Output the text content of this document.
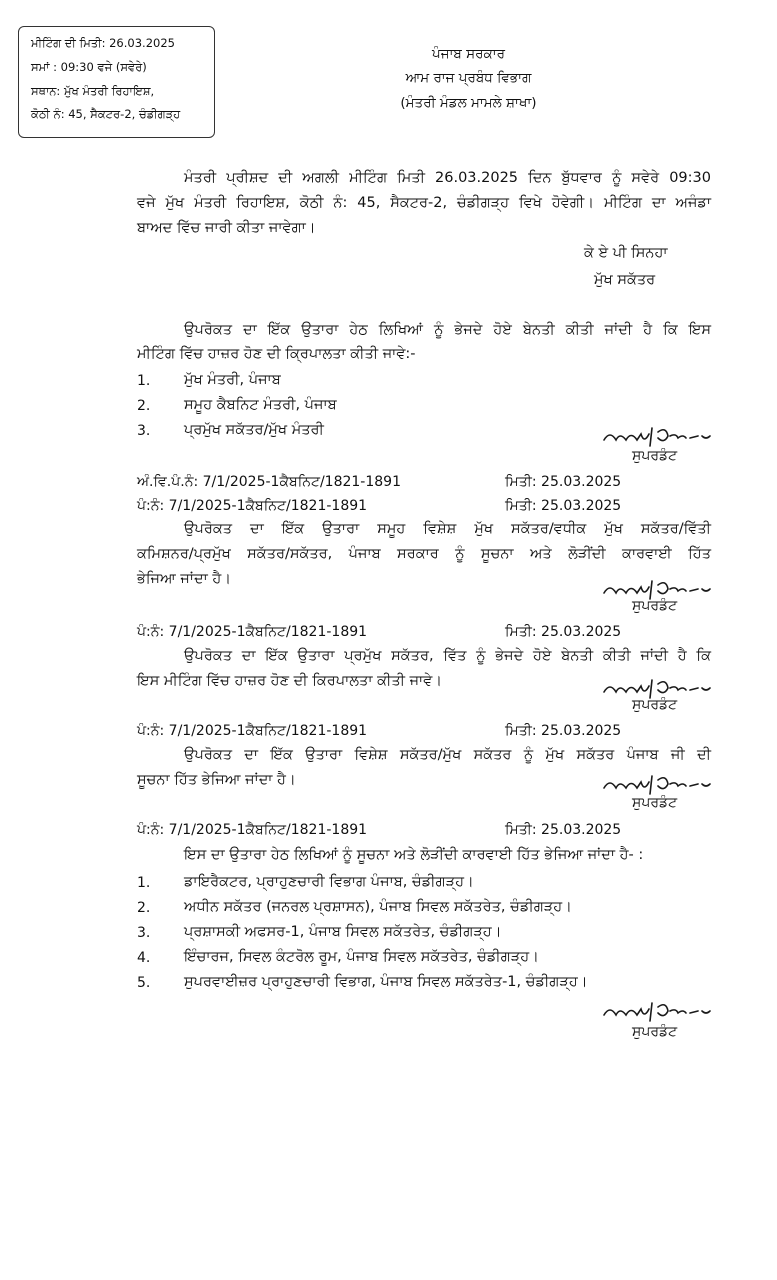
ਮੀਟਿੰਗ ਦੀ ਮਿਤੀ: 26.03.2025
ਸਮਾਂ : 09:30 ਵਜੇ (ਸਵੇਰੇ)
ਸਥਾਨ: ਮੁੱਖ ਮੰਤਰੀ ਰਿਹਾਇਸ਼,
ਕੋਠੀ ਨੰ: 45, ਸੈਕਟਰ-2, ਚੰਡੀਗੜ੍ਹ
ਪੰਜਾਬ ਸਰਕਾਰ
ਆਮ ਰਾਜ ਪ੍ਰਬੰਧ ਵਿਭਾਗ
(ਮੰਤਰੀ ਮੰਡਲ ਮਾਮਲੇ ਸ਼ਾਖਾ)
ਮੰਤਰੀ ਪ੍ਰੀਸ਼ਦ ਦੀ ਅਗਲੀ ਮੀਟਿੰਗ ਮਿਤੀ 26.03.2025 ਦਿਨ ਬੁੱਧਵਾਰ ਨੂੰ ਸਵੇਰੇ 09:30
ਵਜੇ ਮੁੱਖ ਮੰਤਰੀ ਰਿਹਾਇਸ਼, ਕੋਠੀ ਨੰ: 45, ਸੈਕਟਰ-2, ਚੰਡੀਗੜ੍ਹ ਵਿਖੇ ਹੋਵੇਗੀ। ਮੀਟਿੰਗ ਦਾ ਅਜੰਡਾ
ਬਾਅਦ ਵਿੱਚ ਜਾਰੀ ਕੀਤਾ ਜਾਵੇਗਾ।
ਕੇ ਏ ਪੀ ਸਿਨਹਾ
ਮੁੱਖ ਸਕੱਤਰ
ਉਪਰੋਕਤ ਦਾ ਇੱਕ ਉਤਾਰਾ ਹੇਠ ਲਿਖਿਆਂ ਨੂੰ ਭੇਜਦੇ ਹੋਏ ਬੇਨਤੀ ਕੀਤੀ ਜਾਂਦੀ ਹੈ ਕਿ ਇਸ
ਮੀਟਿੰਗ ਵਿੱਚ ਹਾਜ਼ਰ ਹੋਣ ਦੀ ਕ੍ਰਿਪਾਲਤਾ ਕੀਤੀ ਜਾਵੇ:-
1. ਮੁੱਖ ਮੰਤਰੀ, ਪੰਜਾਬ
2. ਸਮੂਹ ਕੈਬਨਿਟ ਮੰਤਰੀ, ਪੰਜਾਬ
3. ਪ੍ਰਮੁੱਖ ਸਕੱਤਰ/ਮੁੱਖ ਮੰਤਰੀ
ਸੁਪਰਡੰਟ
ਅੰ.ਵਿ.ਪੰ.ਨੰ: 7/1/2025-1ਕੈਬਨਿਟ/1821-1891	ਮਿਤੀ: 25.03.2025
ਪੰ:ਨੰ: 7/1/2025-1ਕੈਬਨਿਟ/1821-1891	ਮਿਤੀ: 25.03.2025
ਉਪਰੋਕਤ ਦਾ ਇੱਕ ਉਤਾਰਾ ਸਮੂਹ ਵਿਸ਼ੇਸ਼ ਮੁੱਖ ਸਕੱਤਰ/ਵਧੀਕ ਮੁੱਖ ਸਕੱਤਰ/ਵਿੱਤੀ
ਕਮਿਸ਼ਨਰ/ਪ੍ਰਮੁੱਖ ਸਕੱਤਰ/ਸਕੱਤਰ, ਪੰਜਾਬ ਸਰਕਾਰ ਨੂੰ ਸੂਚਨਾ ਅਤੇ ਲੋੜੀਂਦੀ ਕਾਰਵਾਈ ਹਿੱਤ
ਭੇਜਿਆ ਜਾਂਦਾ ਹੈ।
ਸੁਪਰਡੰਟ
ਪੰ:ਨੰ: 7/1/2025-1ਕੈਬਨਿਟ/1821-1891	ਮਿਤੀ: 25.03.2025
ਉਪਰੋਕਤ ਦਾ ਇੱਕ ਉਤਾਰਾ ਪ੍ਰਮੁੱਖ ਸਕੱਤਰ, ਵਿੱਤ ਨੂੰ ਭੇਜਦੇ ਹੋਏ ਬੇਨਤੀ ਕੀਤੀ ਜਾਂਦੀ ਹੈ ਕਿ
ਇਸ ਮੀਟਿੰਗ ਵਿੱਚ ਹਾਜ਼ਰ ਹੋਣ ਦੀ ਕਿਰਪਾਲਤਾ ਕੀਤੀ ਜਾਵੇ।
ਸੁਪਰਡੰਟ
ਪੰ:ਨੰ: 7/1/2025-1ਕੈਬਨਿਟ/1821-1891	ਮਿਤੀ: 25.03.2025
ਉਪਰੋਕਤ ਦਾ ਇੱਕ ਉਤਾਰਾ ਵਿਸ਼ੇਸ਼ ਸਕੱਤਰ/ਮੁੱਖ ਸਕੱਤਰ ਨੂੰ ਮੁੱਖ ਸਕੱਤਰ ਪੰਜਾਬ ਜੀ ਦੀ
ਸੂਚਨਾ ਹਿੱਤ ਭੇਜਿਆ ਜਾਂਦਾ ਹੈ।
ਸੁਪਰਡੰਟ
ਪੰ:ਨੰ: 7/1/2025-1ਕੈਬਨਿਟ/1821-1891	ਮਿਤੀ: 25.03.2025
ਇਸ ਦਾ ਉਤਾਰਾ ਹੇਠ ਲਿਖਿਆਂ ਨੂੰ ਸੂਚਨਾ ਅਤੇ ਲੋੜੀਂਦੀ ਕਾਰਵਾਈ ਹਿੱਤ ਭੇਜਿਆ ਜਾਂਦਾ ਹੈ- :
1. ਡਾਇਰੈਕਟਰ, ਪ੍ਰਾਹੁਣਚਾਰੀ ਵਿਭਾਗ ਪੰਜਾਬ, ਚੰਡੀਗੜ੍ਹ।
2. ਅਧੀਨ ਸਕੱਤਰ (ਜਨਰਲ ਪ੍ਰਸ਼ਾਸਨ), ਪੰਜਾਬ ਸਿਵਲ ਸਕੱਤਰੇਤ, ਚੰਡੀਗੜ੍ਹ।
3. ਪ੍ਰਸ਼ਾਸਕੀ ਅਫਸਰ-1, ਪੰਜਾਬ ਸਿਵਲ ਸਕੱਤਰੇਤ, ਚੰਡੀਗੜ੍ਹ।
4. ਇੰਚਾਰਜ, ਸਿਵਲ ਕੰਟਰੋਲ ਰੂਮ, ਪੰਜਾਬ ਸਿਵਲ ਸਕੱਤਰੇਤ, ਚੰਡੀਗੜ੍ਹ।
5. ਸੁਪਰਵਾਈਜ਼ਰ ਪ੍ਰਾਹੁਣਚਾਰੀ ਵਿਭਾਗ, ਪੰਜਾਬ ਸਿਵਲ ਸਕੱਤਰੇਤ-1, ਚੰਡੀਗੜ੍ਹ।
ਸੁਪਰਡੰਟ
